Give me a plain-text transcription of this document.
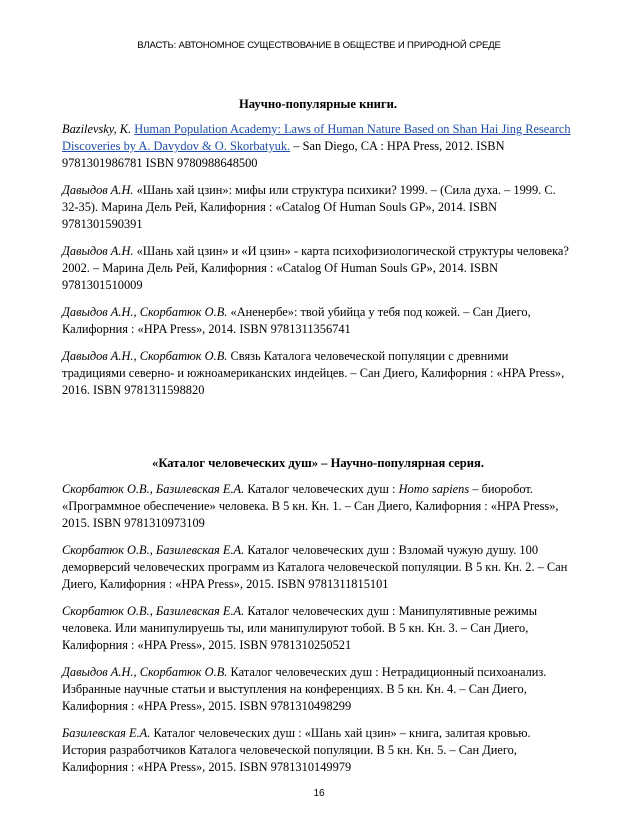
ВЛАСТЬ: АВТОНОМНОЕ СУЩЕСТВОВАНИЕ В ОБЩЕСТВЕ И ПРИРОДНОЙ СРЕДЕ
Научно-популярные книги.

Bazilevsky, K. Human Population Academy: Laws of Human Nature Based on Shan Hai Jing Research Discoveries by A. Davydov & O. Skorbatyuk. – San Diego, CA : HPA Press, 2012. ISBN 9781301986781 ISBN 9780988648500

Давыдов А.Н. «Шань хай цзин»: мифы или структура психики? 1999. – (Сила духа. – 1999. С. 32-35). Марина Дель Рей, Калифорния : «Catalog Of Human Souls GP», 2014. ISBN 9781301590391

Давыдов А.Н. «Шань хай цзин» и «И цзин» - карта психофизиологической структуры человека? 2002. – Марина Дель Рей, Калифорния : «Catalog Of Human Souls GP», 2014. ISBN 9781301510009

Давыдов А.Н., Скорбатюк О.В. «Аненербе»: твой убийца у тебя под кожей. – Сан Диего, Калифорния : «HPA Press», 2014. ISBN 9781311356741

Давыдов А.Н., Скорбатюк О.В. Связь Каталога человеческой популяции с древними традициями северно- и южноамериканских индейцев. – Сан Диего, Калифорния : «HPA Press», 2016. ISBN 9781311598820

«Каталог человеческих душ» – Научно-популярная серия.

Скорбатюк О.В., Базилевская Е.А. Каталог человеческих душ : Homo sapiens – биоробот. «Программное обеспечение» человека. В 5 кн. Кн. 1. – Сан Диего, Калифорния : «HPA Press», 2015. ISBN 9781310973109

Скорбатюк О.В., Базилевская Е.А. Каталог человеческих душ : Взломай чужую душу. 100 деморверсий человеческих программ из Каталога человеческой популяции. В 5 кн. Кн. 2. – Сан Диего, Калифорния : «HPA Press», 2015. ISBN 9781311815101

Скорбатюк О.В., Базилевская Е.А. Каталог человеческих душ : Манипулятивные режимы человека. Или манипулируешь ты, или манипулируют тобой. В 5 кн. Кн. 3. – Сан Диего, Калифорния : «HPA Press», 2015. ISBN 9781310250521

Давыдов А.Н., Скорбатюк О.В. Каталог человеческих душ : Нетрадиционный психоанализ. Избранные научные статьи и выступления на конференциях. В 5 кн. Кн. 4. – Сан Диего, Калифорния : «HPA Press», 2015. ISBN 9781310498299

Базилевская Е.А. Каталог человеческих душ : «Шань хай цзин» – книга, залитая кровью. История разработчиков Каталога человеческой популяции. В 5 кн. Кн. 5. – Сан Диего, Калифорния : «HPA Press», 2015. ISBN 9781310149979

16
